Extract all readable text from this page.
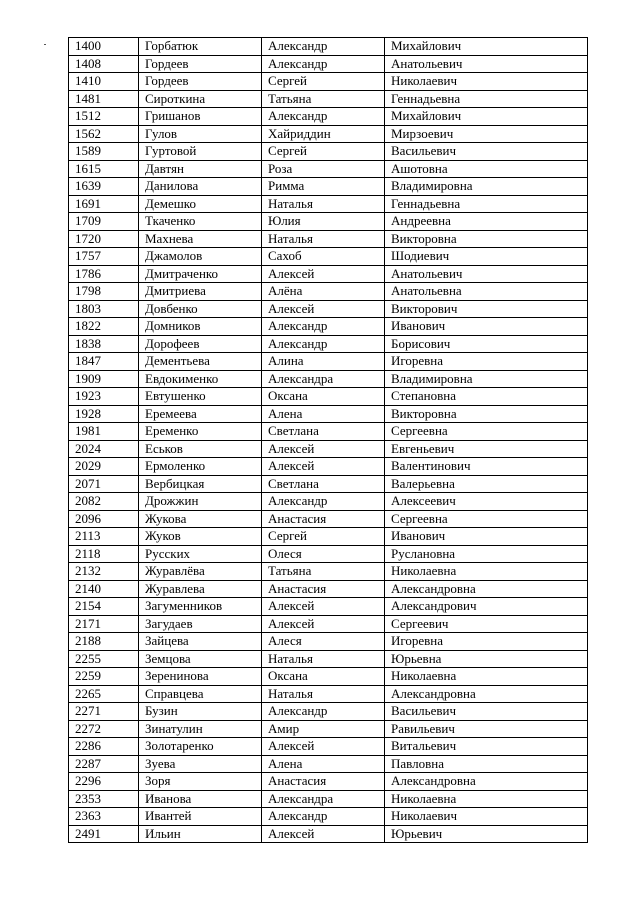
1400	Горбатюк	Александр	Михайлович
1408	Гордеев	Александр	Анатольевич
1410	Гордеев	Сергей	Николаевич
1481	Сироткина	Татьяна	Геннадьевна
1512	Гришанов	Александр	Михайлович
1562	Гулов	Хайриддин	Мирзоевич
1589	Гуртовой	Сергей	Васильевич
1615	Давтян	Роза	Ашотовна
1639	Данилова	Римма	Владимировна
1691	Демешко	Наталья	Геннадьевна
1709	Ткаченко	Юлия	Андреевна
1720	Махнева	Наталья	Викторовна
1757	Джамолов	Сахоб	Шодиевич
1786	Дмитраченко	Алексей	Анатольевич
1798	Дмитриева	Алёна	Анатольевна
1803	Довбенко	Алексей	Викторович
1822	Домников	Александр	Иванович
1838	Дорофеев	Александр	Борисович
1847	Дементьева	Алина	Игоревна
1909	Евдокименко	Александра	Владимировна
1923	Евтушенко	Оксана	Степановна
1928	Еремеева	Алена	Викторовна
1981	Еременко	Светлана	Сергеевна
2024	Еськов	Алексей	Евгеньевич
2029	Ермоленко	Алексей	Валентинович
2071	Вербицкая	Светлана	Валерьевна
2082	Дрожжин	Александр	Алексеевич
2096	Жукова	Анастасия	Сергеевна
2113	Жуков	Сергей	Иванович
2118	Русских	Олеся	Руслановна
2132	Журавлёва	Татьяна	Николаевна
2140	Журавлева	Анастасия	Александровна
2154	Загуменников	Алексей	Александрович
2171	Загудаев	Алексей	Сергеевич
2188	Зайцева	Алеся	Игоревна
2255	Земцова	Наталья	Юрьевна
2259	Зеренинова	Оксана	Николаевна
2265	Справцева	Наталья	Александровна
2271	Бузин	Александр	Васильевич
2272	Зинатулин	Амир	Равильевич
2286	Золотаренко	Алексей	Витальевич
2287	Зуева	Алена	Павловна
2296	Зоря	Анастасия	Александровна
2353	Иванова	Александра	Николаевна
2363	Ивантей	Александр	Николаевич
2491	Ильин	Алексей	Юрьевич
